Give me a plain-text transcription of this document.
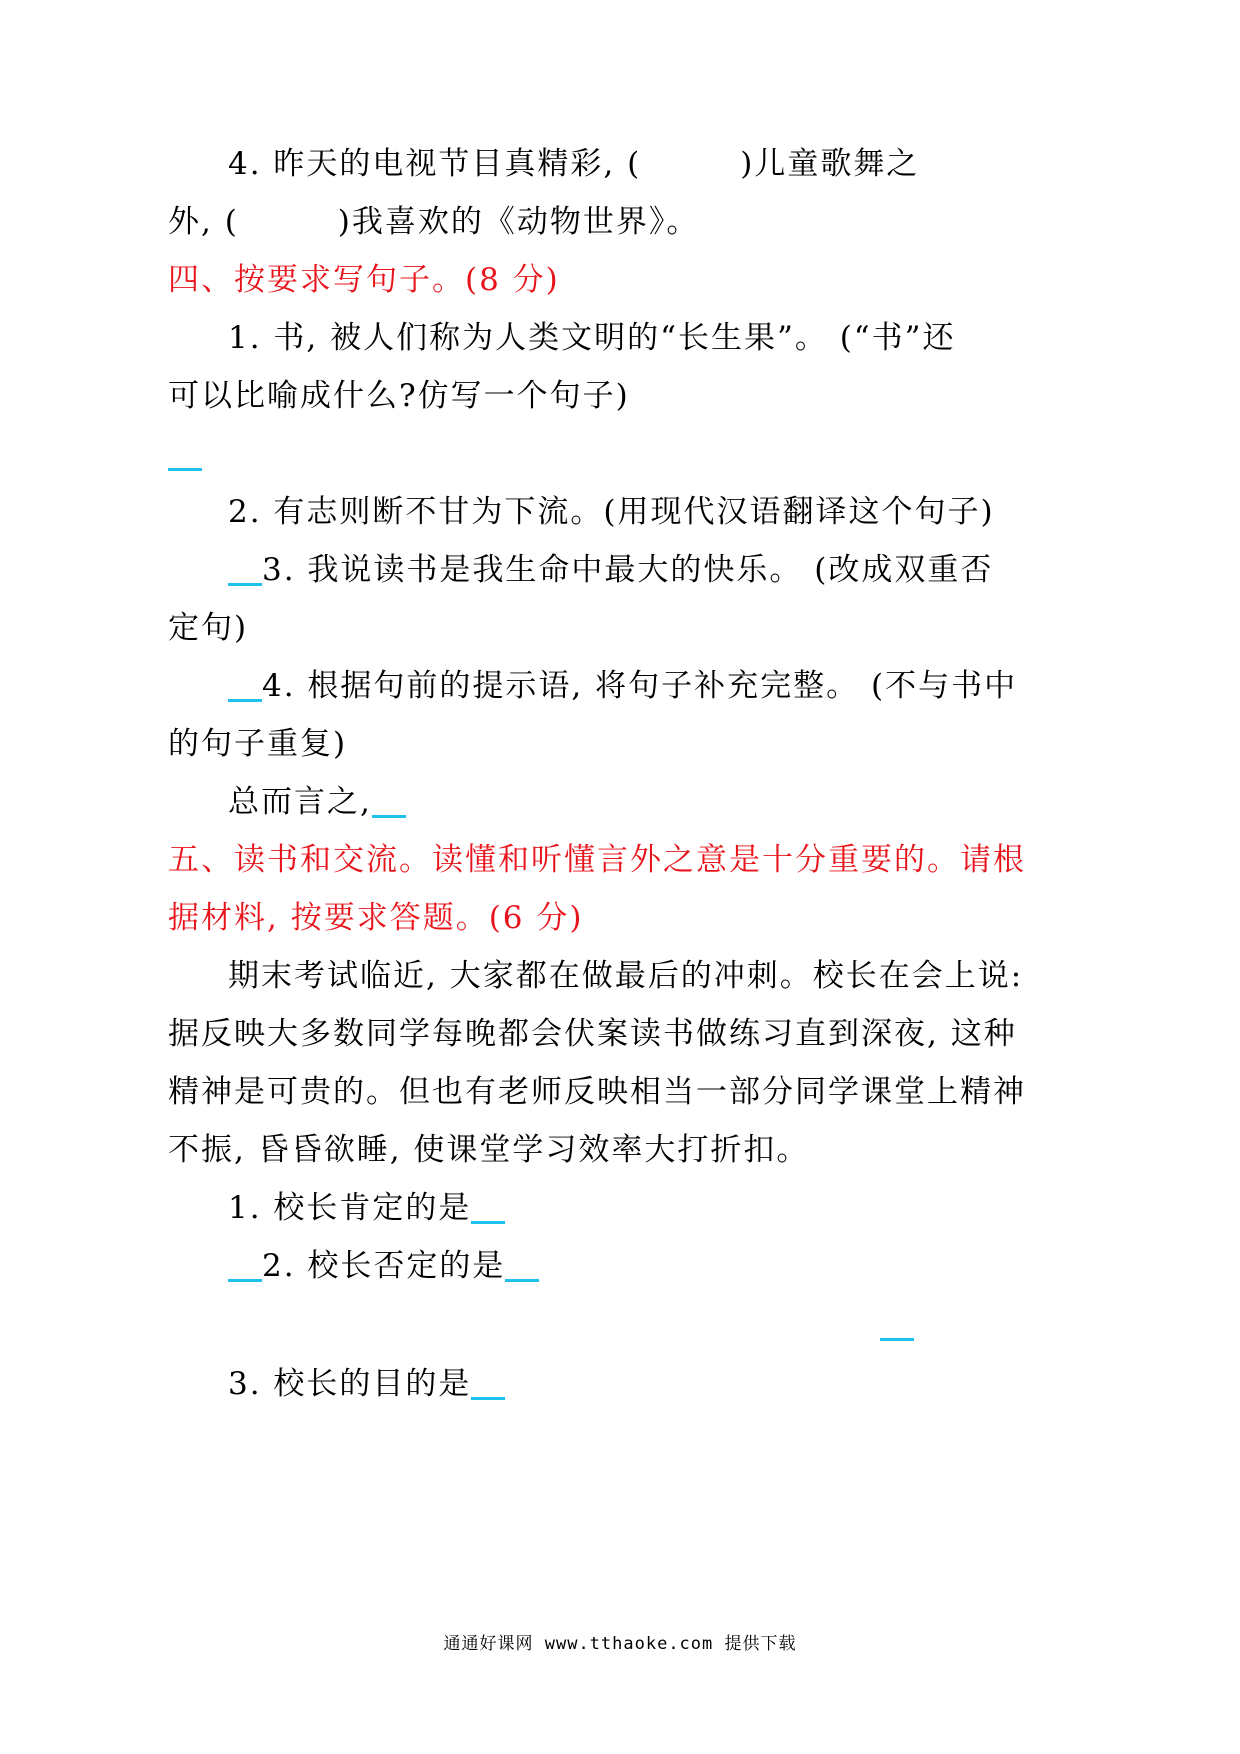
4. 昨天的电视节目真精彩, (　　　)儿童歌舞之

外, (　　　)我喜欢的《动物世界》。

四、按要求写句子。(8 分)

1. 书, 被人们称为人类文明的“长生果”。 (“书”还

可以比喻成什么?仿写一个句子)

2. 有志则断不甘为下流。(用现代汉语翻译这个句子)

3. 我说读书是我生命中最大的快乐。 (改成双重否

定句)

4. 根据句前的提示语, 将句子补充完整。 (不与书中

的句子重复)

总而言之,

五、读书和交流。读懂和听懂言外之意是十分重要的。请根

据材料, 按要求答题。(6 分)

期末考试临近, 大家都在做最后的冲刺。校长在会上说:

据反映大多数同学每晚都会伏案读书做练习直到深夜, 这种

精神是可贵的。但也有老师反映相当一部分同学课堂上精神

不振, 昏昏欲睡, 使课堂学习效率大打折扣。

1. 校长肯定的是

2. 校长否定的是

3. 校长的目的是

通通好课网 www.tthaoke.com 提供下载
